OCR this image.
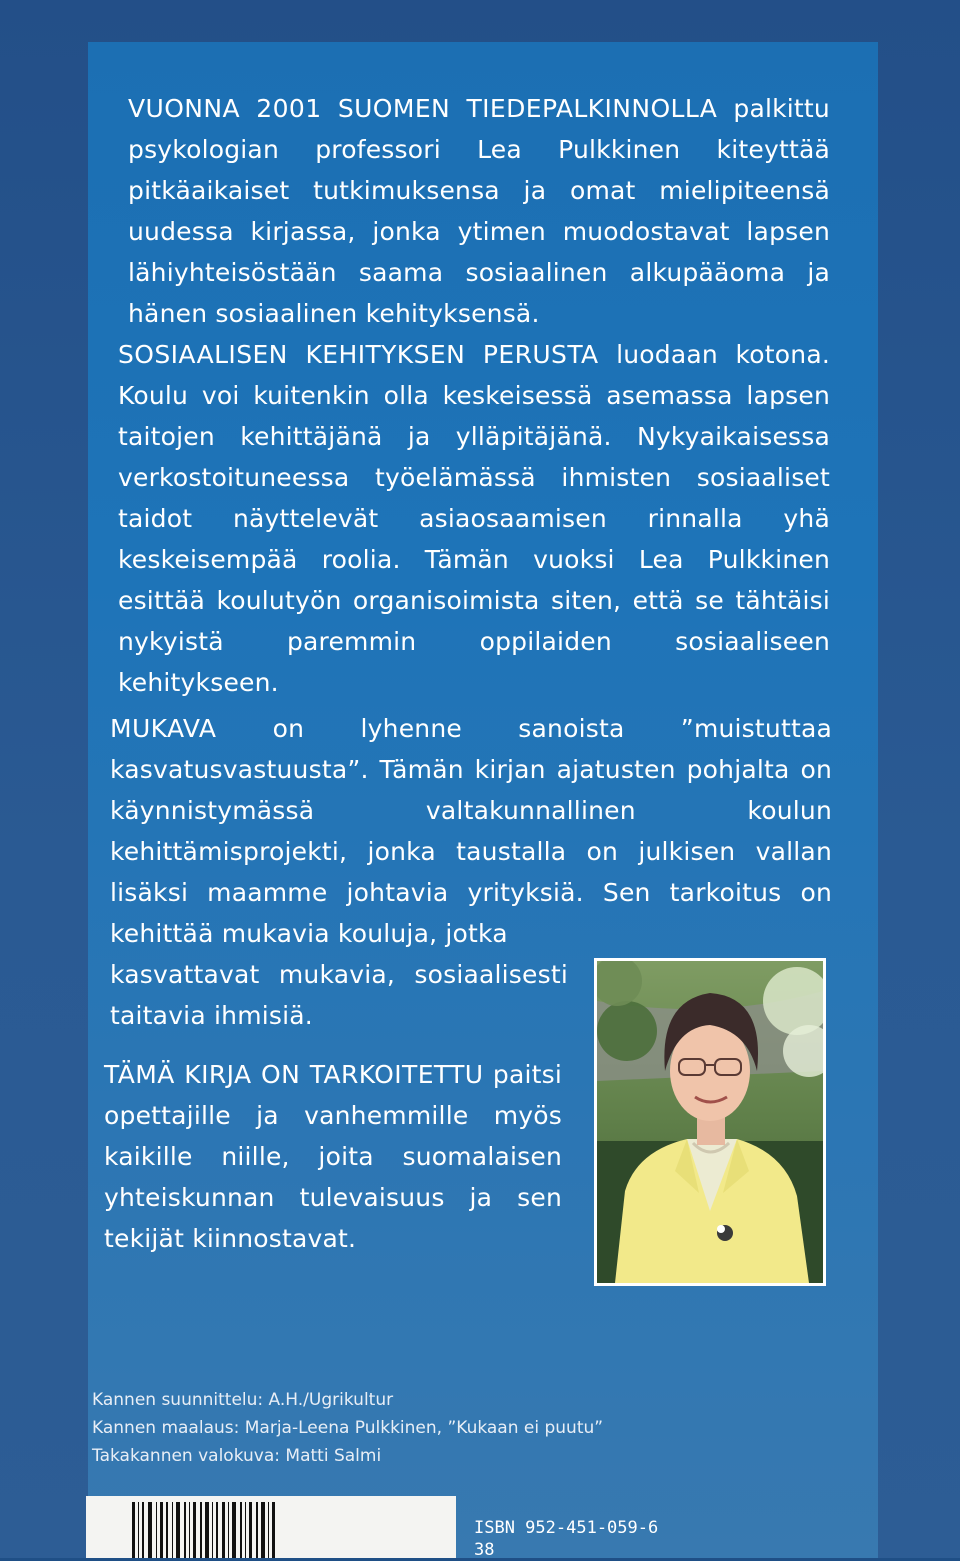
VUONNA 2001 SUOMEN TIEDEPALKINNOLLA palkittu psykologian professori Lea Pulkkinen kiteyttää pitkäaikaiset tutkimuksensa ja omat mielipiteensä uudessa kirjassa, jonka ytimen muodostavat lapsen lähiyhteisöstään saama sosiaalinen alkupääoma ja hänen sosiaalinen kehityksensä.

SOSIAALISEN KEHITYKSEN PERUSTA luodaan kotona. Koulu voi kuitenkin olla keskeisessä asemassa lapsen taitojen kehittäjänä ja ylläpitäjänä. Nykyaikaisessa verkostoituneessa työelämässä ihmisten sosiaaliset taidot näyttelevät asiaosaamisen rinnalla yhä keskeisempää roolia. Tämän vuoksi Lea Pulkkinen esittää koulutyön organisoimista siten, että se tähtäisi nykyistä paremmin oppilaiden sosiaaliseen kehitykseen.

MUKAVA on lyhenne sanoista ”muistuttaa kasvatusvastuusta”. Tämän kirjan ajatusten pohjalta on käynnistymässä valtakunnallinen koulun kehittämisprojekti, jonka taustalla on julkisen vallan lisäksi maamme johtavia yrityksiä. Sen tarkoitus on kehittää mukavia kouluja, jotka
kasvattavat mukavia, sosiaalisesti taitavia ihmisiä.

TÄMÄ KIRJA ON TARKOITETTU paitsi opettajille ja vanhemmille myös kaikille niille, joita suomalaisen yhteiskunnan tulevaisuus ja sen tekijät kiinnostavat.

Kannen suunnittelu: A.H./Ugrikultur
Kannen maalaus: Marja-Leena Pulkkinen, ”Kukaan ei puutu”
Takakannen valokuva: Matti Salmi
ISBN 952-451-059-6
38
